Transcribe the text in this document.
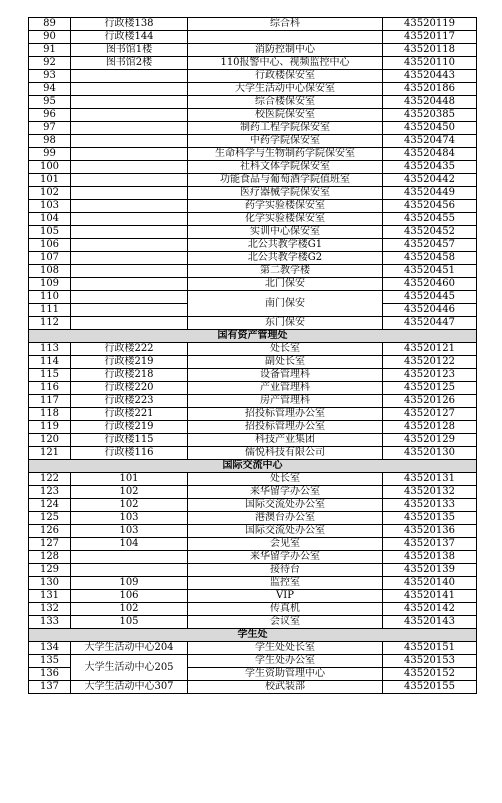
89	行政楼138	综合科	43520119
90	行政楼144		43520117
91	图书馆1楼	消防控制中心	43520118
92	图书馆2楼	110报警中心、视频监控中心	43520110
93		行政楼保安室	43520443
94		大学生活动中心保安室	43520186
95		综合楼保安室	43520448
96		校医院保安室	43520385
97		制药工程学院保安室	43520450
98		中药学院保安室	43520474
99		生命科学与生物制药学院保安室	43520484
100		社科文体学院保安室	43520435
101		功能食品与葡萄酒学院值班室	43520442
102		医疗器械学院保安室	43520449
103		药学实验楼保安室	43520456
104		化学实验楼保安室	43520455
105		实训中心保安室	43520452
106		北公共教学楼G1	43520457
107		北公共教学楼G2	43520458
108		第二教学楼	43520451
109		北门保安	43520460
110		南门保安	43520445
111			43520446
112		东门保安	43520447
国有资产管理处			
113	行政楼222	处长室	43520121
114	行政楼219	副处长室	43520122
115	行政楼218	设备管理科	43520123
116	行政楼220	产业管理科	43520125
117	行政楼223	房产管理科	43520126
118	行政楼221	招投标管理办公室	43520127
119	行政楼219	招投标管理办公室	43520128
120	行政楼115	科技产业集团	43520129
121	行政楼116	儒悦科技有限公司	43520130
国际交流中心			
122	101	处长室	43520131
123	102	来华留学办公室	43520132
124	102	国际交流处办公室	43520133
125	103	港澳台办公室	43520135
126	103	国际交流处办公室	43520136
127	104	会见室	43520137
128		来华留学办公室	43520138
129		接待台	43520139
130	109	监控室	43520140
131	106	VIP	43520141
132	102	传真机	43520142
133	105	会议室	43520143
学生处			
134	大学生活动中心204	学生处处长室	43520151
135	大学生活动中心205	学生处办公室	43520153
136		学生资助管理中心	43520152
137	大学生活动中心307	校武装部	43520155
